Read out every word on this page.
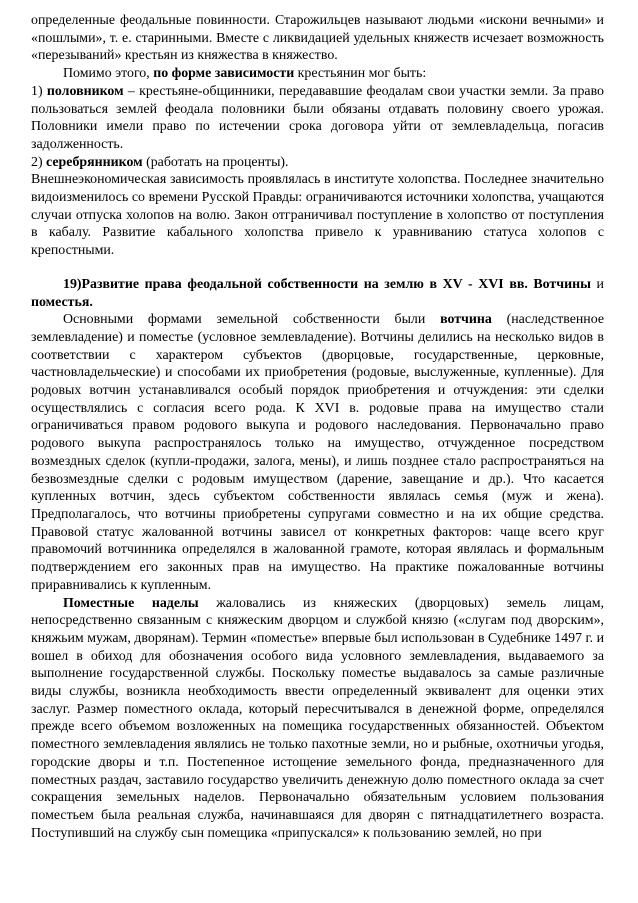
определенные феодальные повинности. Старожильцев называют людьми «искони вечными» и «пошлыми», т. е. старинными. Вместе с ликвидацией удельных княжеств исчезает возможность «перезываний» крестьян из княжества в княжество.

Помимо этого, по форме зависимости крестьянин мог быть:

1) половником – крестьяне-общинники, передававшие феодалам свои участки земли. За право пользоваться землей феодала половники были обязаны отдавать половину своего урожая. Половники имели право по истечении срока договора уйти от землевладельца, погасив задолженность.

2) серебрянником (работать на проценты).

Внешнеэкономическая зависимость проявлялась в институте холопства. Последнее значительно видоизменилось со времени Русской Правды: ограничиваются источники холопства, учащаются случаи отпуска холопов на волю. Закон отграничивал поступление в холопство от поступления в кабалу. Развитие кабального холопства привело к уравниванию статуса холопов с крепостными.

19)Развитие права феодальной собственности на землю в XV - XVI вв. Вотчины и поместья.

Основными формами земельной собственности были вотчина (наследственное землевладение) и поместье (условное землевладение). Вотчины делились на несколько видов в соответствии с характером субъектов (дворцовые, государственные, церковные, частновладельческие) и способами их приобретения (родовые, выслуженные, купленные). Для родовых вотчин устанавливался особый порядок приобретения и отчуждения: эти сделки осуществлялись с согласия всего рода. К XVI в. родовые права на имущество стали ограничиваться правом родового выкупа и родового наследования. Первоначально право родового выкупа распространялось только на имущество, отчужденное посредством возмездных сделок (купли-продажи, залога, мены), и лишь позднее стало распространяться на безвозмездные сделки с родовым имуществом (дарение, завещание и др.). Что касается купленных вотчин, здесь субъектом собственности являлась семья (муж и жена). Предполагалось, что вотчины приобретены супругами совместно и на их общие средства. Правовой статус жалованной вотчины зависел от конкретных факторов: чаще всего круг правомочий вотчинника определялся в жалованной грамоте, которая являлась и формальным подтверждением его законных прав на имущество. На практике пожалованные вотчины приравнивались к купленным.

Поместные наделы жаловались из княжеских (дворцовых) земель лицам, непосредственно связанным с княжеским дворцом и службой князю («слугам под дворским», княжьим мужам, дворянам). Термин «поместье» впервые был использован в Судебнике 1497 г. и вошел в обиход для обозначения особого вида условного землевладения, выдаваемого за выполнение государственной службы. Поскольку поместье выдавалось за самые различные виды службы, возникла необходимость ввести определенный эквивалент для оценки этих заслуг. Размер поместного оклада, который пересчитывался в денежной форме, определялся прежде всего объемом возложенных на помещика государственных обязанностей. Объектом поместного землевладения являлись не только пахотные земли, но и рыбные, охотничьи угодья, городские дворы и т.п. Постепенное истощение земельного фонда, предназначенного для поместных раздач, заставило государство увеличить денежную долю поместного оклада за счет сокращения земельных наделов. Первоначально обязательным условием пользования поместьем была реальная служба, начинавшаяся для дворян с пятнадцатилетнего возраста. Поступивший на службу сын помещика «припускался» к пользованию землей, но при
